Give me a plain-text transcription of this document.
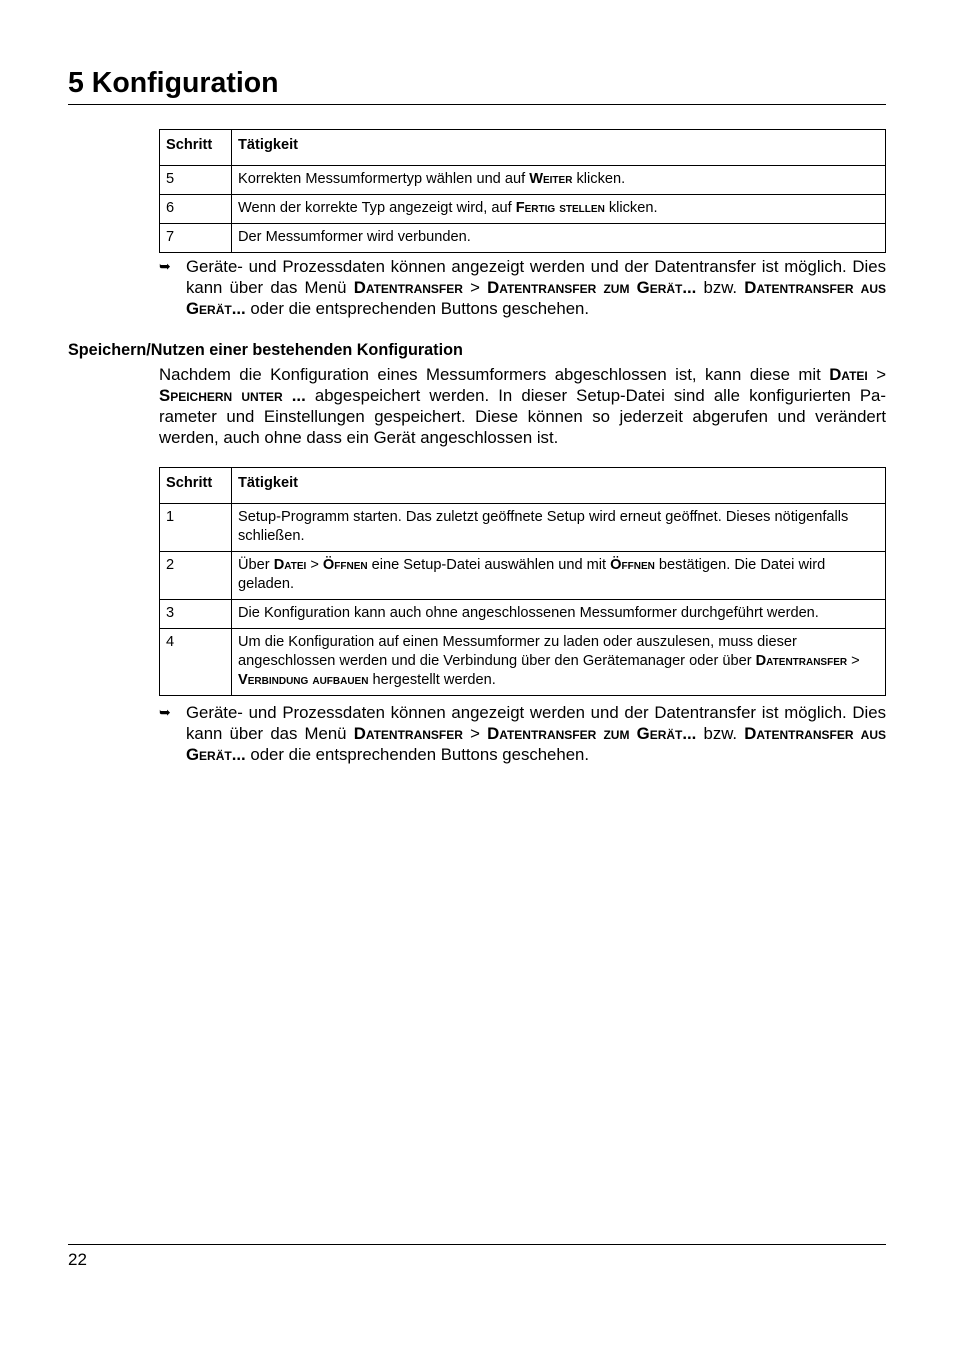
5 Konfiguration
Schritt	Tätigkeit
5	Korrekten Messumformertyp wählen und auf Weiter klicken.
6	Wenn der korrekte Typ angezeigt wird, auf Fertig stellen klicken.
7	Der Messumformer wird verbunden.
➥ Geräte- und Prozessdaten können angezeigt werden und der Datentransfer ist möglich. Dies kann über das Menü Datentransfer > Datentransfer zum Gerät... bzw. Datentransfer aus Gerät... oder die entsprechenden Buttons geschehen.
Speichern/Nutzen einer bestehenden Konfiguration
Nachdem die Konfiguration eines Messumformers abgeschlossen ist, kann diese mit Datei > Speichern unter ... abgespeichert werden. In dieser Setup-Datei sind alle konfigurierten Parameter und Einstellungen gespeichert. Diese können so jederzeit abgerufen und verändert werden, auch ohne dass ein Gerät angeschlossen ist.
Schritt	Tätigkeit
1	Setup-Programm starten. Das zuletzt geöffnete Setup wird erneut geöffnet. Dieses nötigenfalls schließen.
2	Über Datei > Öffnen eine Setup-Datei auswählen und mit Öffnen bestätigen. Die Datei wird geladen.
3	Die Konfiguration kann auch ohne angeschlossenen Messumformer durchgeführt werden.
4	Um die Konfiguration auf einen Messumformer zu laden oder auszulesen, muss dieser angeschlossen werden und die Verbindung über den Gerätemanager oder über Datentransfer > Verbindung aufbauen hergestellt werden.
➥ Geräte- und Prozessdaten können angezeigt werden und der Datentransfer ist möglich. Dies kann über das Menü Datentransfer > Datentransfer zum Gerät... bzw. Datentransfer aus Gerät... oder die entsprechenden Buttons geschehen.
22
